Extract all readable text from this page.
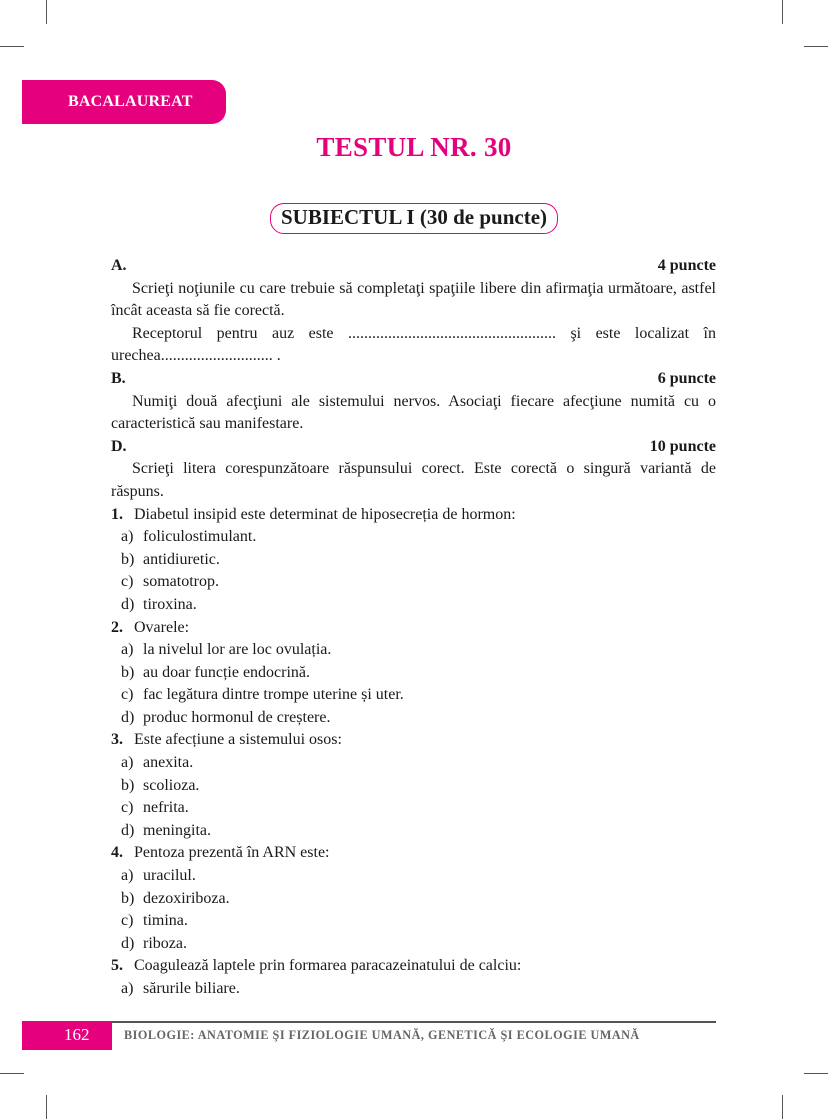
BACALAUREAT
TESTUL NR. 30
SUBIECTUL I (30 de puncte)
A.	4 puncte
Scrieţi noţiunile cu care trebuie să completaţi spaţiile libere din afirmaţia următoare, astfel încât aceasta să fie corectă.
Receptorul pentru auz este .................................................... şi este localizat în urechea............................ .
B.	6 puncte
Numiţi două afecţiuni ale sistemului nervos. Asociaţi fiecare afecţiune numită cu o caracteristică sau manifestare.
D.	10 puncte
Scrieţi litera corespunzătoare răspunsului corect. Este corectă o singură variantă de răspuns.
1. Diabetul insipid este determinat de hiposecreția de hormon:
a) foliculostimulant.
b) antidiuretic.
c) somatotrop.
d) tiroxina.
2. Ovarele:
a) la nivelul lor are loc ovulația.
b) au doar funcție endocrină.
c) fac legătura dintre trompe uterine și uter.
d) produc hormonul de creștere.
3. Este afecțiune a sistemului osos:
a) anexita.
b) scolioza.
c) nefrita.
d) meningita.
4. Pentoza prezentă în ARN este:
a) uracilul.
b) dezoxiriboza.
c) timina.
d) riboza.
5. Coagulează laptele prin formarea paracazeinatului de calciu:
a) sărurile biliare.
162	BIOLOGIE: ANATOMIE ŞI FIZIOLOGIE UMANĂ, GENETICĂ ŞI ECOLOGIE UMANĂ
